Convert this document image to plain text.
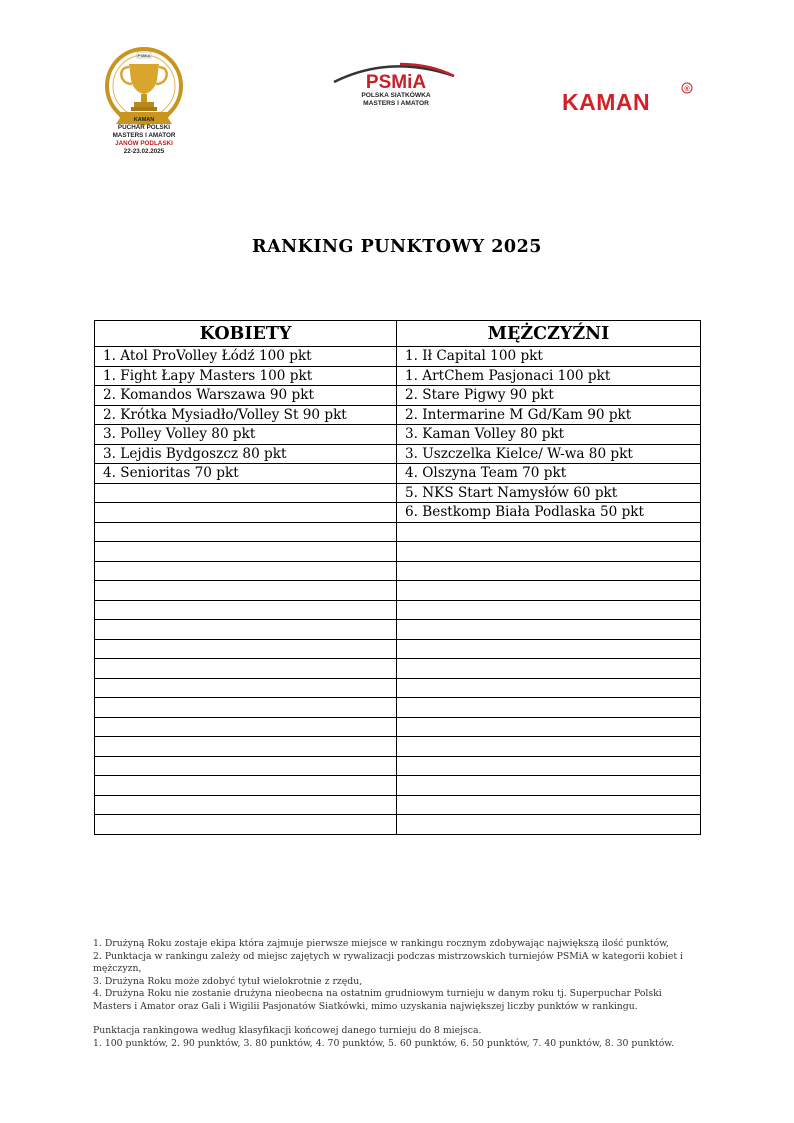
PSMiA
KAMAN
PUCHAR POLSKI
MASTERS I AMATOR
JANÓW PODLASKI
22-23.02.2025
PSMiA
POLSKA SIATKÓWKA
MASTERS I AMATOR	KAMAN	®
RANKING PUNKTOWY 2025
KOBIETY	MĘŻCZYŹNI
1. Atol ProVolley Łódź 100 pkt	1. Ił Capital 100 pkt
1. Fight Łapy Masters 100 pkt	1. ArtChem Pasjonaci 100 pkt
2. Komandos Warszawa 90 pkt	2. Stare Pigwy 90 pkt
2. Krótka Mysiadło/Volley St 90 pkt	2. Intermarine M Gd/Kam 90 pkt
3. Polley Volley 80 pkt	3. Kaman Volley 80 pkt
3. Lejdis Bydgoszcz 80 pkt	3. Uszczelka Kielce/ W-wa 80 pkt
4. Senioritas 70 pkt	4. Olszyna Team 70 pkt
	5. NKS Start Namysłów 60 pkt
	6. Bestkomp Biała Podlaska 50 pkt

1. Drużyną Roku zostaje ekipa która zajmuje pierwsze miejsce w rankingu rocznym zdobywając największą ilość punktów,

2. Punktacja w rankingu zależy od miejsc zajętych w rywalizacji podczas mistrzowskich turniejów PSMiA w kategorii kobiet i mężczyzn,

3. Drużyna Roku może zdobyć tytuł wielokrotnie z rzędu,

4. Drużyna Roku nie zostanie drużyna nieobecna na ostatnim grudniowym turnieju w danym roku tj. Superpuchar Polski Masters i Amator oraz Gali i Wigilii Pasjonatów Siatkówki, mimo uzyskania największej liczby punktów w rankingu.

Punktacja rankingowa według klasyfikacji końcowej danego turnieju do 8 miejsca.

1. 100 punktów, 2. 90 punktów, 3. 80 punktów, 4. 70 punktów, 5. 60 punktów, 6. 50 punktów, 7. 40 punktów, 8. 30 punktów.
